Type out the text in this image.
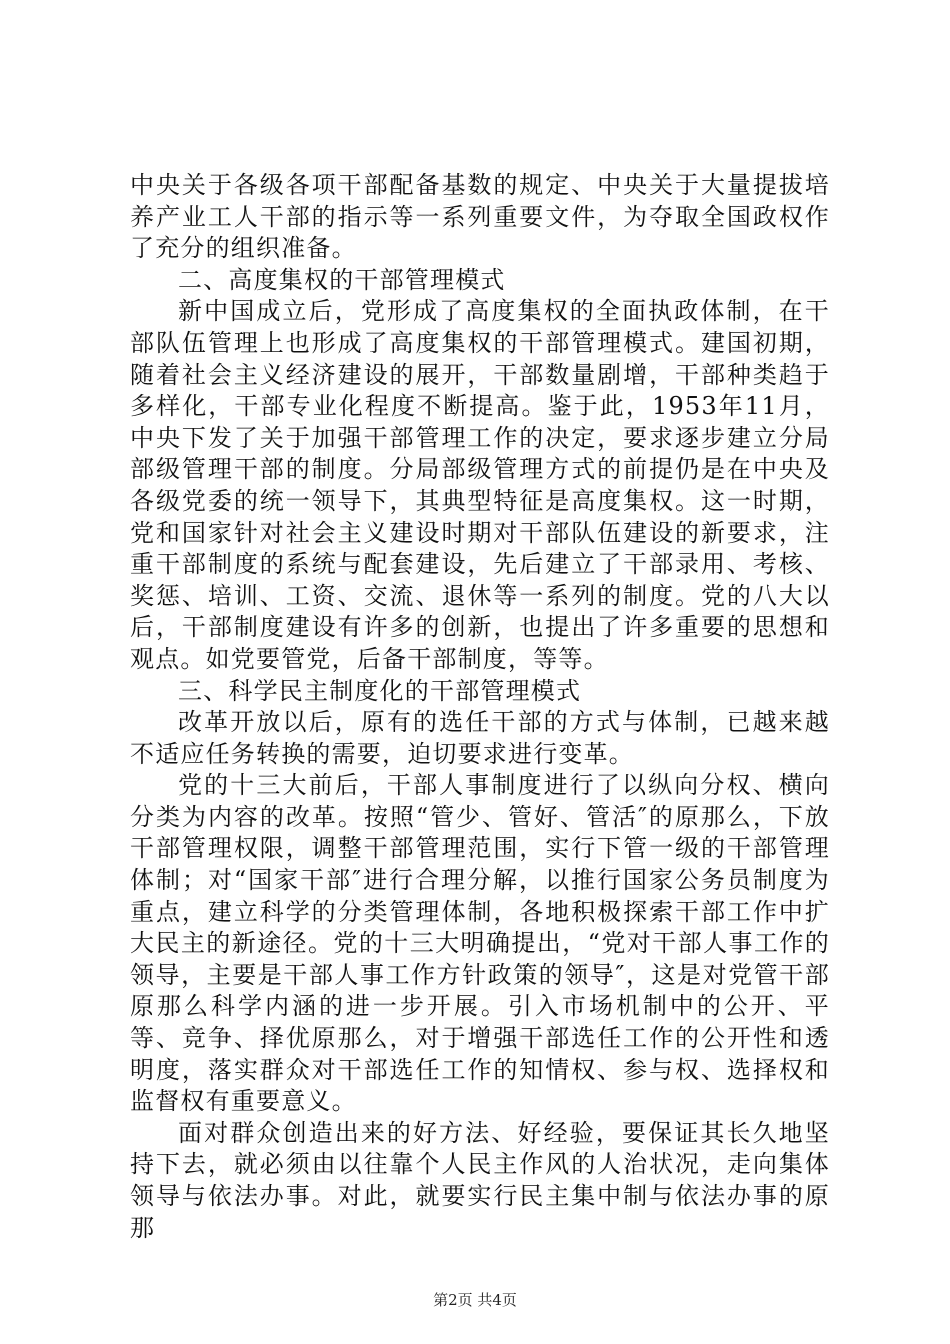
中央关于各级各项干部配备基数的规定、中央关于大量提拔培养产业工人干部的指示等一系列重要文件，为夺取全国政权作了充分的组织准备。

二、高度集权的干部管理模式

新中国成立后，党形成了高度集权的全面执政体制，在干部队伍管理上也形成了高度集权的干部管理模式。建国初期，随着社会主义经济建设的展开，干部数量剧增，干部种类趋于多样化，干部专业化程度不断提高。鉴于此，1953年11月，中央下发了关于加强干部管理工作的决定，要求逐步建立分局部级管理干部的制度。分局部级管理方式的前提仍是在中央及各级党委的统一领导下，其典型特征是高度集权。这一时期，党和国家针对社会主义建设时期对干部队伍建设的新要求，注重干部制度的系统与配套建设，先后建立了干部录用、考核、奖惩、培训、工资、交流、退休等一系列的制度。党的八大以后，干部制度建设有许多的创新，也提出了许多重要的思想和观点。如党要管党，后备干部制度，等等。

三、科学民主制度化的干部管理模式

改革开放以后，原有的选任干部的方式与体制，已越来越不适应任务转换的需要，迫切要求进行变革。

党的十三大前后，干部人事制度进行了以纵向分权、横向分类为内容的改革。按照“管少、管好、管活″的原那么，下放干部管理权限，调整干部管理范围，实行下管一级的干部管理体制；对“国家干部″进行合理分解，以推行国家公务员制度为重点，建立科学的分类管理体制，各地积极探索干部工作中扩大民主的新途径。党的十三大明确提出，“党对干部人事工作的领导，主要是干部人事工作方针政策的领导″，这是对党管干部原那么科学内涵的进一步开展。引入市场机制中的公开、平等、竞争、择优原那么，对于增强干部选任工作的公开性和透明度，落实群众对干部选任工作的知情权、参与权、选择权和监督权有重要意义。

面对群众创造出来的好方法、好经验，要保证其长久地坚持下去，就必须由以往靠个人民主作风的人治状况，走向集体领导与依法办事。对此，就要实行民主集中制与依法办事的原那

第2页 共4页
